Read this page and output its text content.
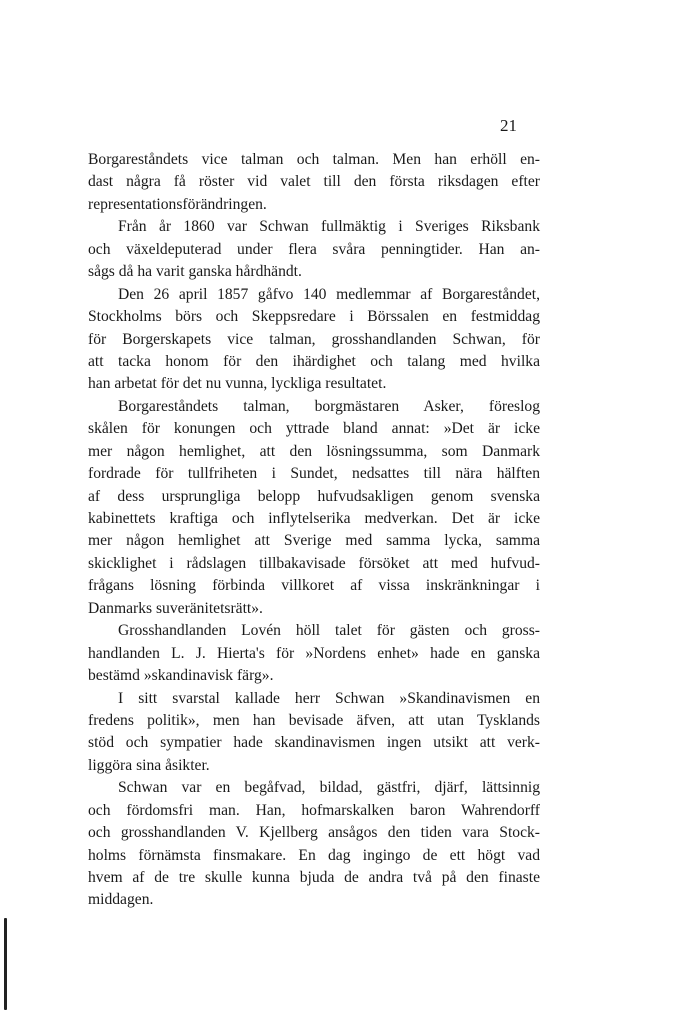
21
Borgareståndets vice talman och talman. Men han erhöll en-
dast några få röster vid valet till den första riksdagen efter
representationsförändringen.
Från år 1860 var Schwan fullmäktig i Sveriges Riksbank
och växeldeputerad under flera svåra penningtider. Han an-
sågs då ha varit ganska hårdhändt.
Den 26 april 1857 gåfvo 140 medlemmar af Borgareståndet,
Stockholms börs och Skeppsredare i Börssalen en festmiddag
för Borgerskapets vice talman, grosshandlanden Schwan, för
att tacka honom för den ihärdighet och talang med hvilka
han arbetat för det nu vunna, lyckliga resultatet.
Borgareståndets talman, borgmästaren Asker, föreslog
skålen för konungen och yttrade bland annat: »Det är icke
mer någon hemlighet, att den lösningssumma, som Danmark
fordrade för tullfriheten i Sundet, nedsattes till nära hälften
af dess ursprungliga belopp hufvudsakligen genom svenska
kabinettets kraftiga och inflytelserika medverkan. Det är icke
mer någon hemlighet att Sverige med samma lycka, samma
skicklighet i rådslagen tillbakavisade försöket att med hufvud-
frågans lösning förbinda villkoret af vissa inskränkningar i
Danmarks suveränitetsrätt».
Grosshandlanden Lovén höll talet för gästen och gross-
handlanden L. J. Hierta's för »Nordens enhet» hade en ganska
bestämd »skandinavisk färg».
I sitt svarstal kallade herr Schwan »Skandinavismen en
fredens politik», men han bevisade äfven, att utan Tysklands
stöd och sympatier hade skandinavismen ingen utsikt att verk-
liggöra sina åsikter.
Schwan var en begåfvad, bildad, gästfri, djärf, lättsinnig
och fördomsfri man. Han, hofmarskalken baron Wahrendorff
och grosshandlanden V. Kjellberg ansågos den tiden vara Stock-
holms förnämsta finsmakare. En dag ingingo de ett högt vad
hvem af de tre skulle kunna bjuda de andra två på den finaste
middagen.
